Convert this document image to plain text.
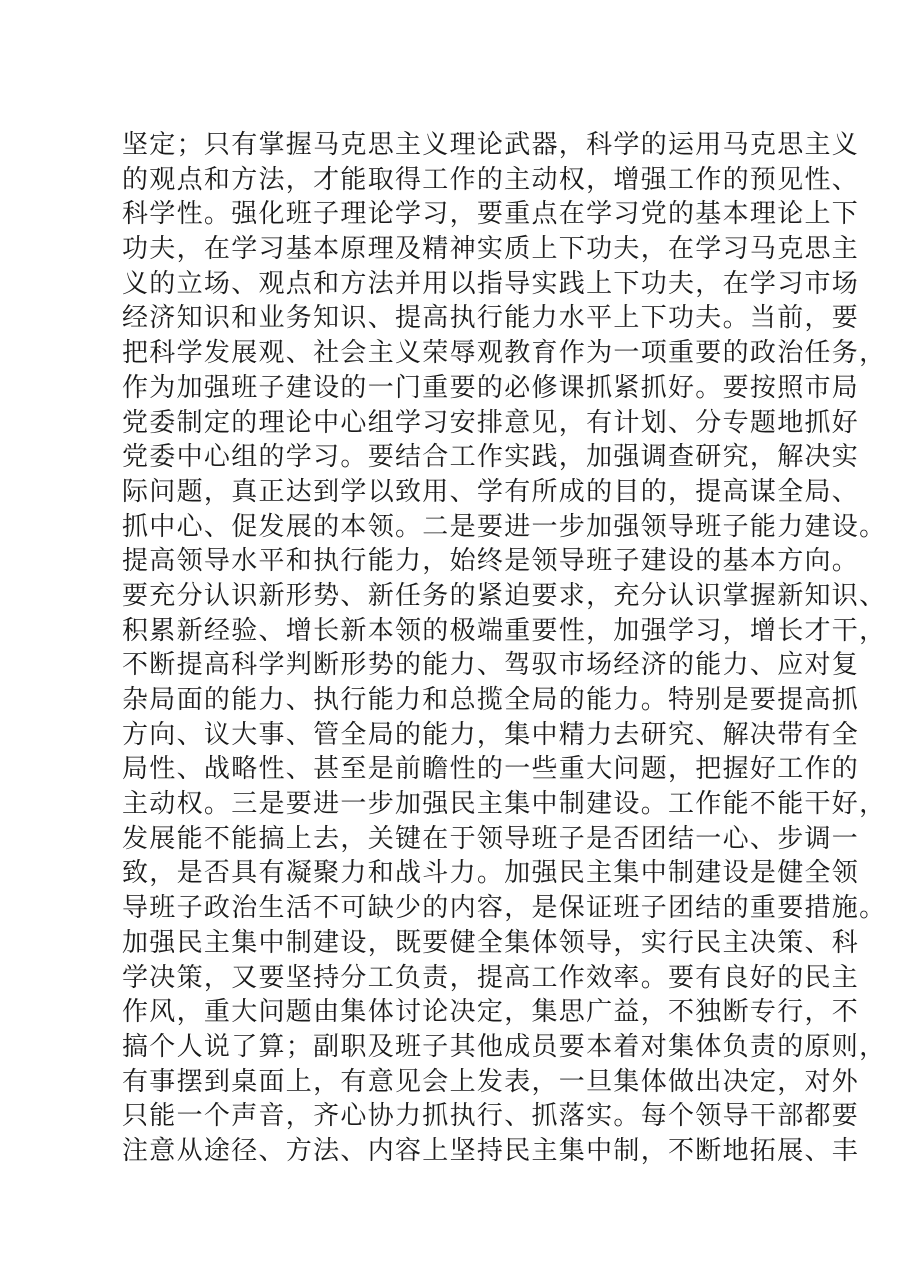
坚定；只有掌握马克思主义理论武器，科学的运用马克思主义
的观点和方法，才能取得工作的主动权，增强工作的预见性、
科学性。强化班子理论学习，要重点在学习党的基本理论上下
功夫，在学习基本原理及精神实质上下功夫，在学习马克思主
义的立场、观点和方法并用以指导实践上下功夫，在学习市场
经济知识和业务知识、提高执行能力水平上下功夫。当前，要
把科学发展观、社会主义荣辱观教育作为一项重要的政治任务，
作为加强班子建设的一门重要的必修课抓紧抓好。要按照市局
党委制定的理论中心组学习安排意见，有计划、分专题地抓好
党委中心组的学习。要结合工作实践，加强调查研究，解决实
际问题，真正达到学以致用、学有所成的目的，提高谋全局、
抓中心、促发展的本领。二是要进一步加强领导班子能力建设。
提高领导水平和执行能力，始终是领导班子建设的基本方向。
要充分认识新形势、新任务的紧迫要求，充分认识掌握新知识、
积累新经验、增长新本领的极端重要性，加强学习，增长才干，
不断提高科学判断形势的能力、驾驭市场经济的能力、应对复
杂局面的能力、执行能力和总揽全局的能力。特别是要提高抓
方向、议大事、管全局的能力，集中精力去研究、解决带有全
局性、战略性、甚至是前瞻性的一些重大问题，把握好工作的
主动权。三是要进一步加强民主集中制建设。工作能不能干好，
发展能不能搞上去，关键在于领导班子是否团结一心、步调一
致，是否具有凝聚力和战斗力。加强民主集中制建设是健全领
导班子政治生活不可缺少的内容，是保证班子团结的重要措施。
加强民主集中制建设，既要健全集体领导，实行民主决策、科
学决策，又要坚持分工负责，提高工作效率。要有良好的民主
作风，重大问题由集体讨论决定，集思广益，不独断专行，不
搞个人说了算；副职及班子其他成员要本着对集体负责的原则，
有事摆到桌面上，有意见会上发表，一旦集体做出决定，对外
只能一个声音，齐心协力抓执行、抓落实。每个领导干部都要
注意从途径、方法、内容上坚持民主集中制，不断地拓展、丰
